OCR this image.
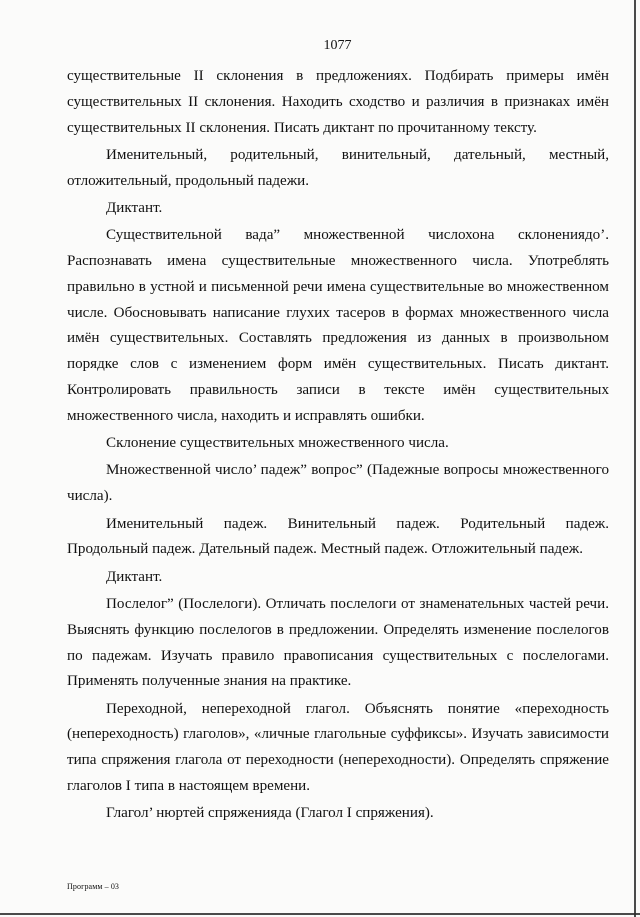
1077

существительные II склонения в предложениях. Подбирать примеры имён существительных II склонения. Находить сходство и различия в признаках имён существительных II склонения. Писать диктант по прочитанному тексту.

Именительный, родительный, винительный, дательный, местный, отложительный, продольный падежи.

Диктант.

Существительной вада” множественной числохона склонениядо’. Распознавать имена существительные множественного числа. Употреблять правильно в устной и письменной речи имена существительные во множественном числе. Обосновывать написание глухих тасеров в формах множественного числа имён существительных. Составлять предложения из данных в произвольном порядке слов с изменением форм имён существительных. Писать диктант. Контролировать правильность записи в тексте имён существительных множественного числа, находить и исправлять ошибки.

Склонение существительных множественного числа.

Множественной число’ падеж” вопрос” (Падежные вопросы множественного числа).

Именительный падеж. Винительный падеж. Родительный падеж. Продольный падеж. Дательный падеж. Местный падеж. Отложительный падеж.

Диктант.

Послелог” (Послелоги). Отличать послелоги от знаменательных частей речи. Выяснять функцию послелогов в предложении. Определять изменение послелогов по падежам. Изучать правило правописания существительных с послелогами. Применять полученные знания на практике.

Переходной, непереходной глагол. Объяснять понятие «переходность (непереходность) глаголов», «личные глагольные суффиксы». Изучать зависимости типа спряжения глагола от переходности (непереходности). Определять спряжение глаголов I типа в настоящем времени.

Глагол’ нюртей спряженияда (Глагол I спряжения).

Программ – 03
